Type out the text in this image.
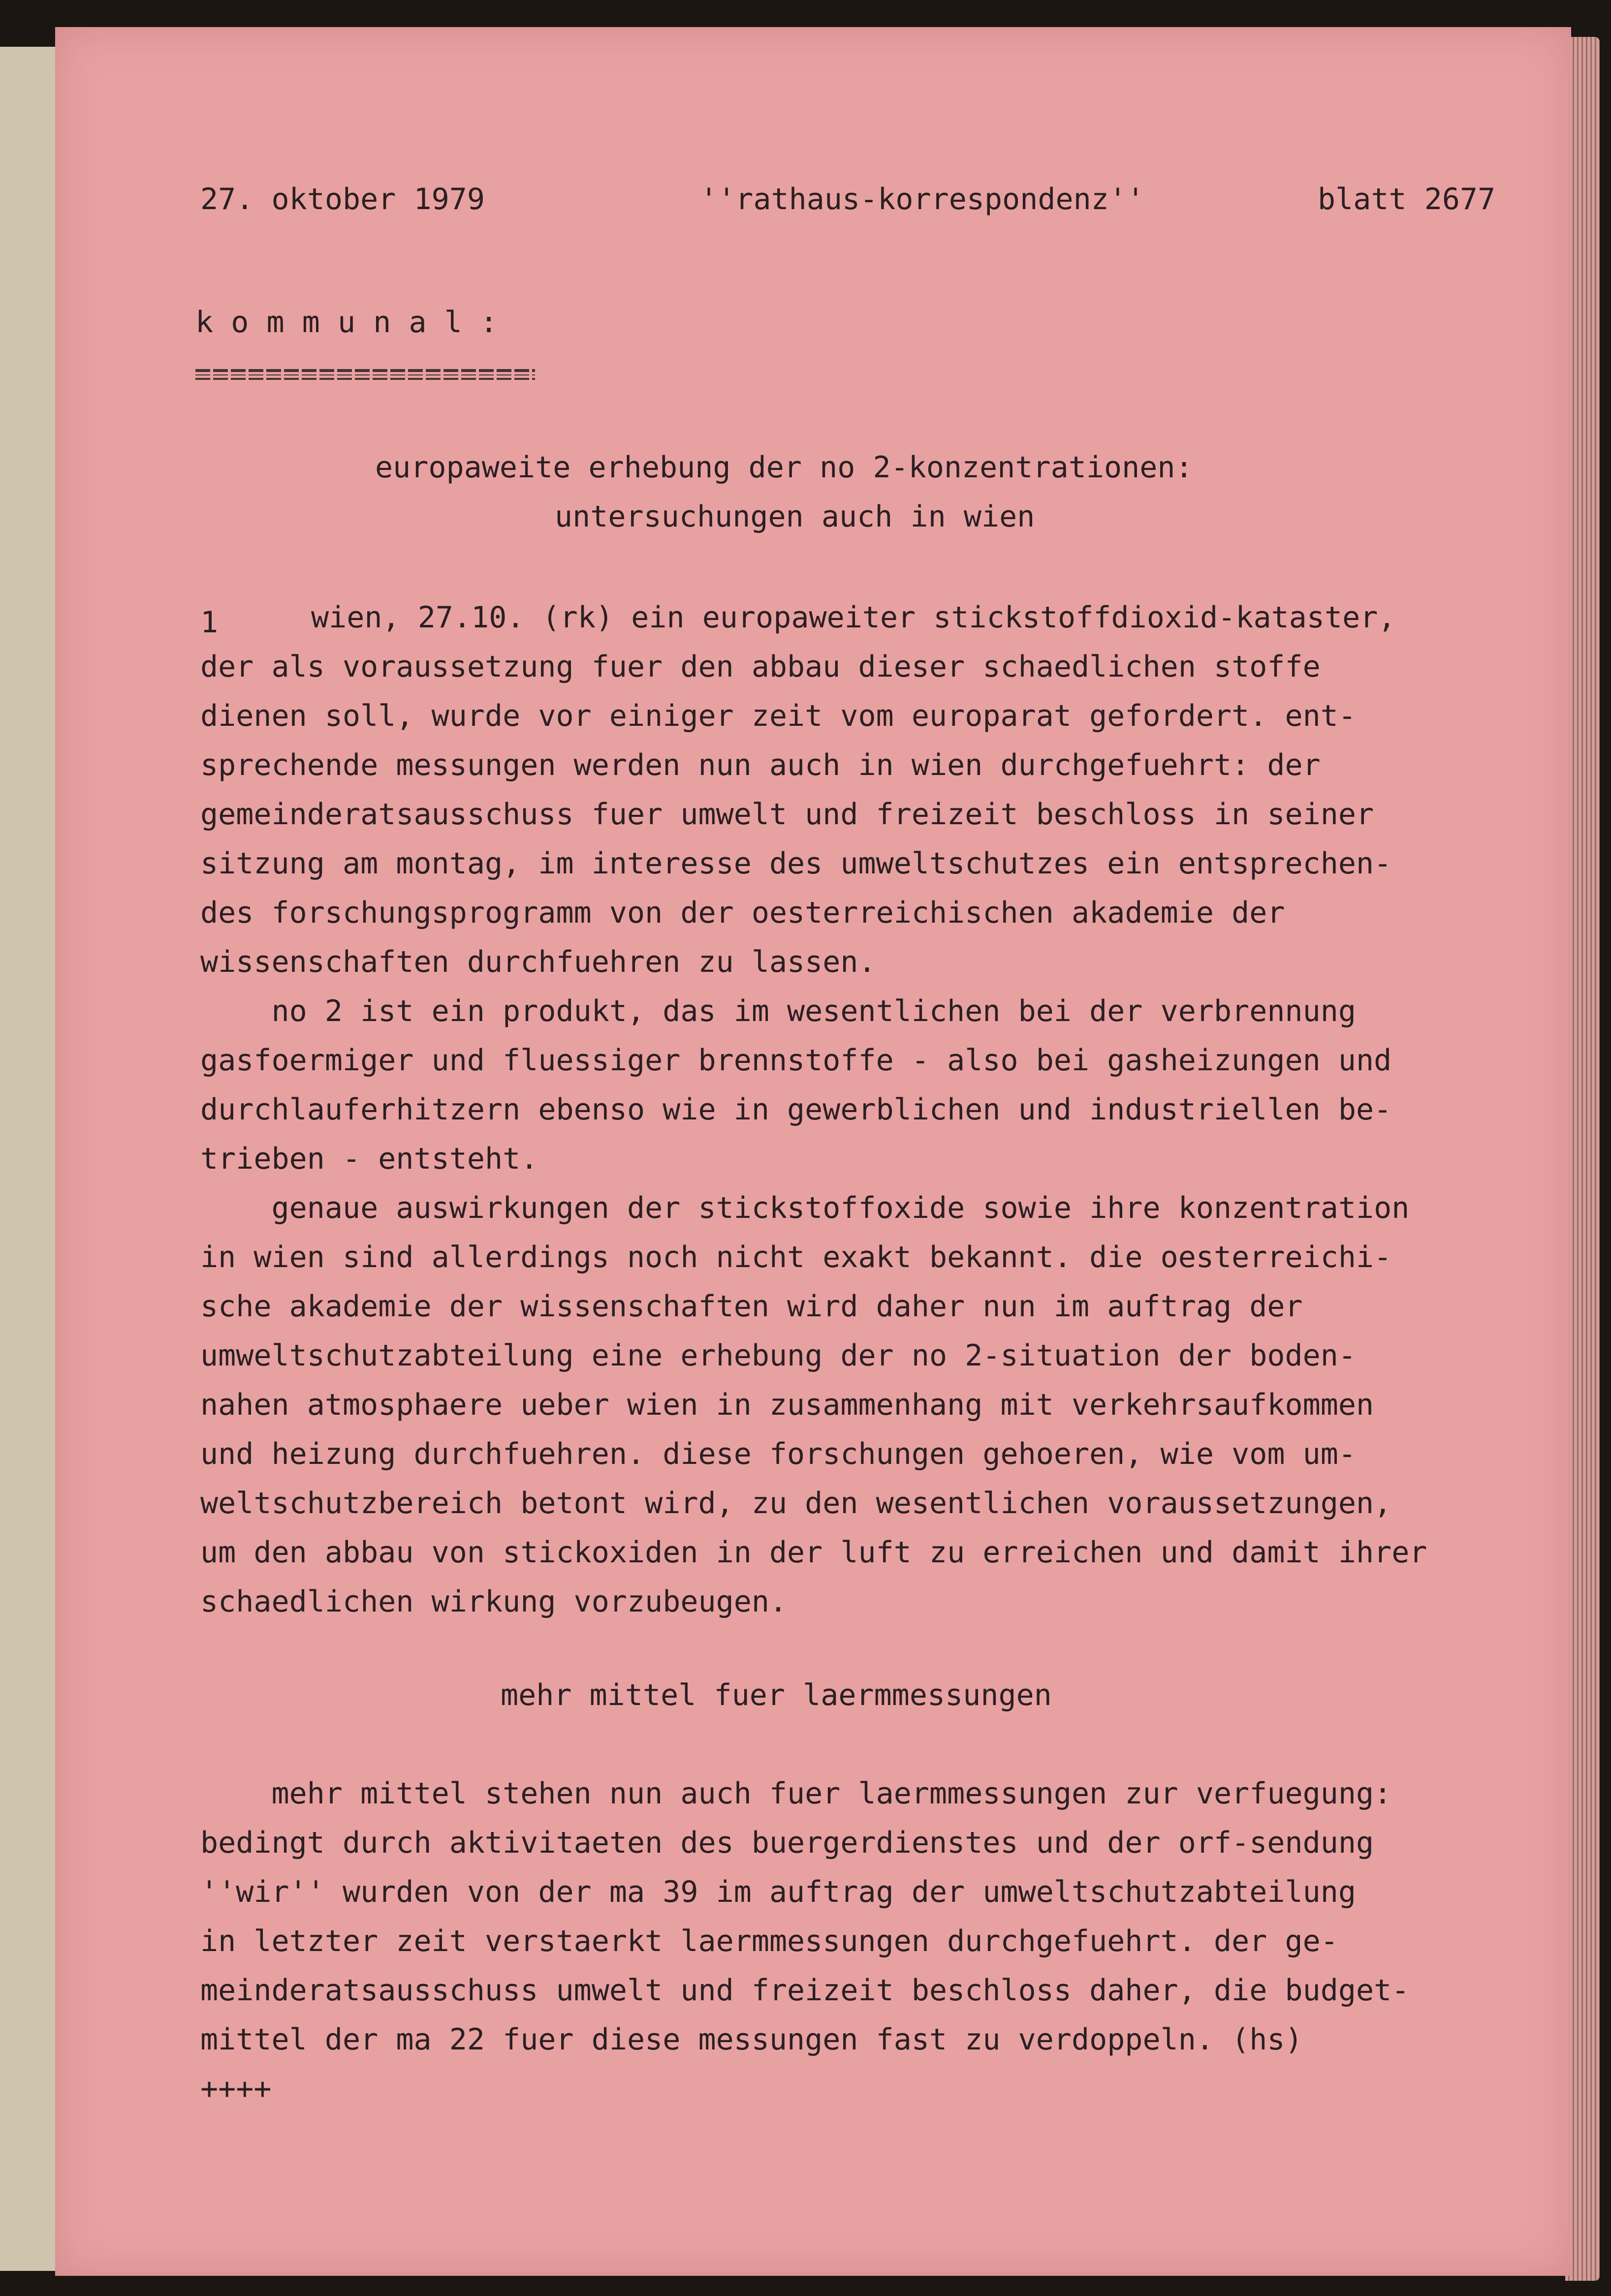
27. oktober 1979	''rathaus-korrespondenz''	blatt 2677
k o m m u n a l :
europaweite erhebung der no 2-konzentrationen:
untersuchungen auch in wien
1	wien, 27.10. (rk) ein europaweiter stickstoffdioxid-kataster,
der als voraussetzung fuer den abbau dieser schaedlichen stoffe
dienen soll, wurde vor einiger zeit vom europarat gefordert. ent-
sprechende messungen werden nun auch in wien durchgefuehrt: der
gemeinderatsausschuss fuer umwelt und freizeit beschloss in seiner
sitzung am montag, im interesse des umweltschutzes ein entsprechen-
des forschungsprogramm von der oesterreichischen akademie der
wissenschaften durchfuehren zu lassen.
no 2 ist ein produkt, das im wesentlichen bei der verbrennung
gasfoermiger und fluessiger brennstoffe - also bei gasheizungen und
durchlauferhitzern ebenso wie in gewerblichen und industriellen be-
trieben - entsteht.
genaue auswirkungen der stickstoffoxide sowie ihre konzentration
in wien sind allerdings noch nicht exakt bekannt. die oesterreichi-
sche akademie der wissenschaften wird daher nun im auftrag der
umweltschutzabteilung eine erhebung der no 2-situation der boden-
nahen atmosphaere ueber wien in zusammenhang mit verkehrsaufkommen
und heizung durchfuehren. diese forschungen gehoeren, wie vom um-
weltschutzbereich betont wird, zu den wesentlichen voraussetzungen,
um den abbau von stickoxiden in der luft zu erreichen und damit ihrer
schaedlichen wirkung vorzubeugen.
mehr mittel fuer laermmessungen
mehr mittel stehen nun auch fuer laermmessungen zur verfuegung:
bedingt durch aktivitaeten des buergerdienstes und der orf-sendung
''wir'' wurden von der ma 39 im auftrag der umweltschutzabteilung
in letzter zeit verstaerkt laermmessungen durchgefuehrt. der ge-
meinderatsausschuss umwelt und freizeit beschloss daher, die budget-
mittel der ma 22 fuer diese messungen fast zu verdoppeln. (hs)
++++
